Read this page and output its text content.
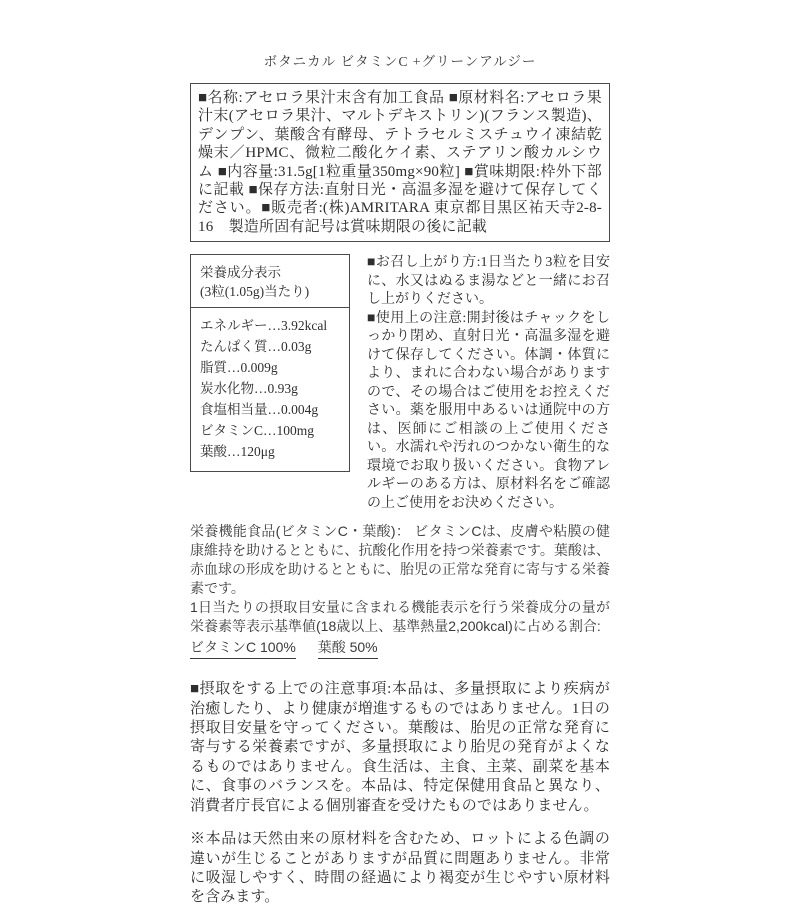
ボタニカル ビタミンC +グリーンアルジー
■名称:アセロラ果汁末含有加工食品 ■原材料名:アセロラ果汁末(アセロラ果汁、マルトデキストリン)(フランス製造)、デンプン、葉酸含有酵母、テトラセルミスチュウイ凍結乾燥末／HPMC、微粒二酸化ケイ素、ステアリン酸カルシウム ■内容量:31.5g[1粒重量350mg×90粒] ■賞味期限:枠外下部に記載 ■保存方法:直射日光・高温多湿を避けて保存してください。■販売者:(株)AMRITARA 東京都目黒区祐天寺2-8-16　製造所固有記号は賞味期限の後に記載
栄養成分表示
(3粒(1.05g)当たり)
エネルギー…3.92kcal
たんぱく質…0.03g
脂質…0.009g
炭水化物…0.93g
食塩相当量…0.004g
ビタミンC…100mg
葉酸…120μg

■お召し上がり方:1日当たり3粒を目安に、水又はぬるま湯などと一緒にお召し上がりください。

■使用上の注意:開封後はチャックをしっかり閉め、直射日光・高温多湿を避けて保存してください。体調・体質により、まれに合わない場合がありますので、その場合はご使用をお控えください。薬を服用中あるいは通院中の方は、医師にご相談の上ご使用ください。水濡れや汚れのつかない衛生的な環境でお取り扱いください。食物アレルギーのある方は、原材料名をご確認の上ご使用をお決めください。

栄養機能食品(ビタミンC・葉酸)： ビタミンCは、皮膚や粘膜の健康維持を助けるとともに、抗酸化作用を持つ栄養素です。葉酸は、赤血球の形成を助けるとともに、胎児の正常な発育に寄与する栄養素です。

1日当たりの摂取目安量に含まれる機能表示を行う栄養成分の量が栄養素等表示基準値(18歳以上、基準熱量2,200kcal)に占める割合:

ビタミンC 100% 葉酸 50%

■摂取をする上での注意事項:本品は、多量摂取により疾病が治癒したり、より健康が増進するものではありません。1日の摂取目安量を守ってください。葉酸は、胎児の正常な発育に寄与する栄養素ですが、多量摂取により胎児の発育がよくなるものではありません。食生活は、主食、主菜、副菜を基本に、食事のバランスを。本品は、特定保健用食品と異なり、消費者庁長官による個別審査を受けたものではありません。

※本品は天然由来の原材料を含むため、ロットによる色調の違いが生じることがありますが品質に問題ありません。非常に吸湿しやすく、時間の経過により褐変が生じやすい原材料を含みます。
